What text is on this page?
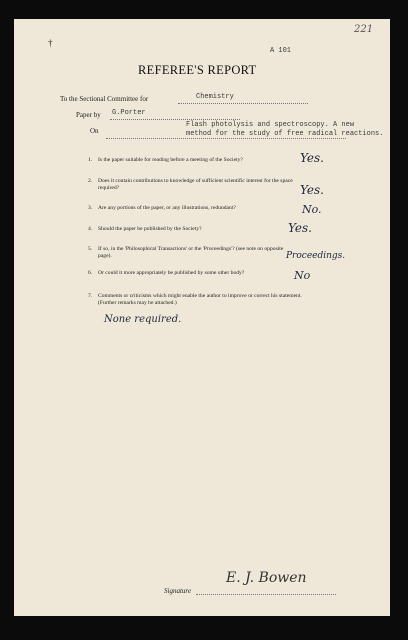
221
†
A 101
REFEREE'S REPORT
To the Sectional Committee for	Chemistry
Paper by G.Porter
On
Flash photolysis and spectroscopy. A new
method for the study of free radical reactions.
1. Is the paper suitable for reading before a meeting of the Society?	Yes.
2. Does it contain contributions to knowledge of sufficient scientific interest for the space
required?	Yes.
3. Are any portions of the paper, or any illustrations, redundant?	No.
4. Should the paper be published by the Society?	Yes.
5. If so, in the 'Philosophical Transactions' or the 'Proceedings'? (see note on opposite
page).	Proceedings.
6. Or could it more appropriately be published by some other body?	No
7. Comments or criticisms which might enable the author to improve or correct his statement.
(Further remarks may be attached.)
None required.
Signature
E. J. Bowen
